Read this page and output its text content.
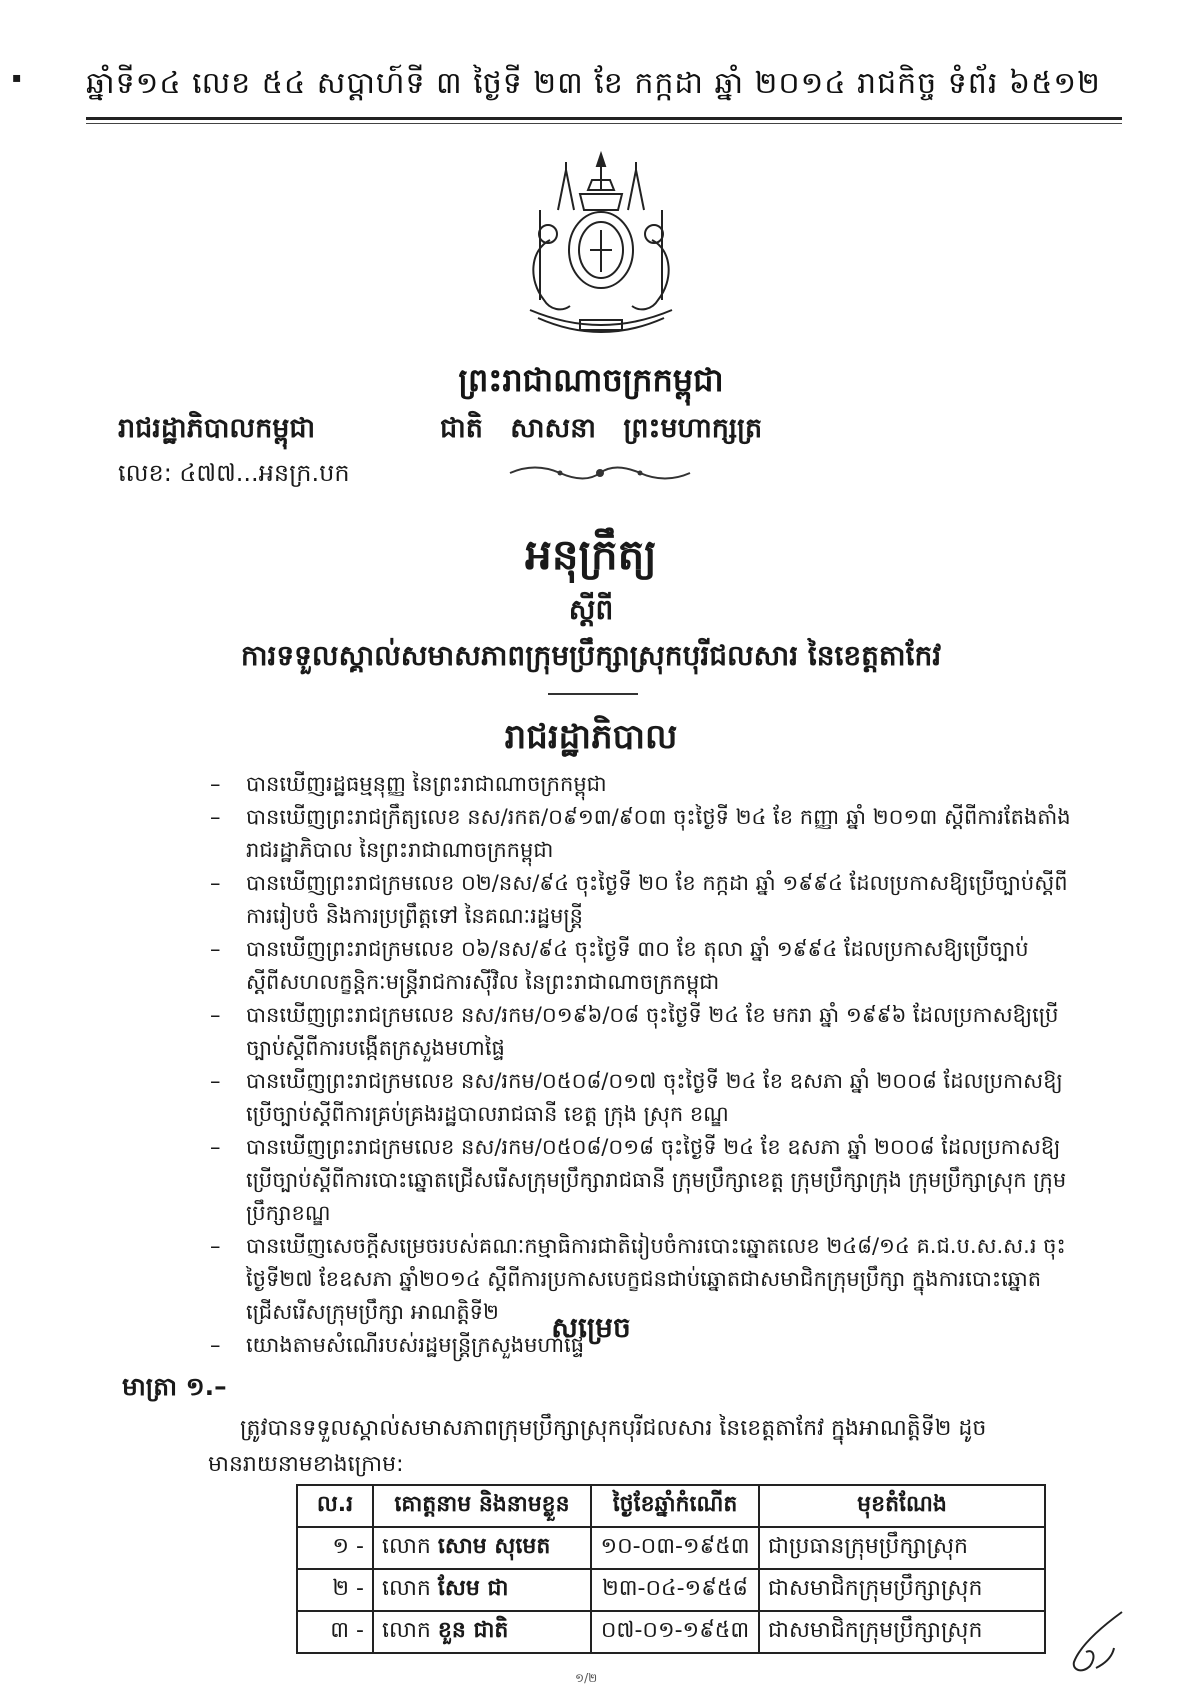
▪ ឆ្នាំទី១៤ លេខ ៥៤ សប្តាហ៍ទី ៣ ថ្ងៃទី ២៣ ខែ កក្កដា ឆ្នាំ ២០១៤ រាជកិច្ច ទំព័រ ៦៥១២
ព្រះរាជាណាចក្រកម្ពុជា
រាជរដ្ឋាភិបាលកម្ពុជា	ជាតិ សាសនា ព្រះមហាក្សត្រ
លេខ: ៤៧៧...អនក្រ.បក
អនុក្រឹត្យ
ស្តីពី
ការទទួលស្គាល់សមាសភាពក្រុមប្រឹក្សាស្រុកបុរីជលសារ នៃខេត្តតាកែវ
រាជរដ្ឋាភិបាល
– បានឃើញរដ្ឋធម្មនុញ្ញ នៃព្រះរាជាណាចក្រកម្ពុជា
– បានឃើញព្រះរាជក្រឹត្យលេខ នស/រកត/០៩១៣/៩០៣ ចុះថ្ងៃទី ២៤ ខែ កញ្ញា ឆ្នាំ ២០១៣ ស្តីពីការតែងតាំងរាជរដ្ឋាភិបាល នៃព្រះរាជាណាចក្រកម្ពុជា
– បានឃើញព្រះរាជក្រមលេខ ០២/នស/៩៤ ចុះថ្ងៃទី ២០ ខែ កក្កដា ឆ្នាំ ១៩៩៤ ដែលប្រកាសឱ្យប្រើច្បាប់ស្តីពីការរៀបចំ និងការប្រព្រឹត្តទៅ នៃគណៈរដ្ឋមន្ត្រី
– បានឃើញព្រះរាជក្រមលេខ ០៦/នស/៩៤ ចុះថ្ងៃទី ៣០ ខែ តុលា ឆ្នាំ ១៩៩៤ ដែលប្រកាសឱ្យប្រើច្បាប់ស្តីពីសហលក្ខន្តិកៈមន្ត្រីរាជការស៊ីវិល នៃព្រះរាជាណាចក្រកម្ពុជា
– បានឃើញព្រះរាជក្រមលេខ នស/រកម/០១៩៦/០៨ ចុះថ្ងៃទី ២៤ ខែ មករា ឆ្នាំ ១៩៩៦ ដែលប្រកាសឱ្យប្រើច្បាប់ស្តីពីការបង្កើតក្រសួងមហាផ្ទៃ
– បានឃើញព្រះរាជក្រមលេខ នស/រកម/០៥០៨/០១៧ ចុះថ្ងៃទី ២៤ ខែ ឧសភា ឆ្នាំ ២០០៨ ដែលប្រកាសឱ្យប្រើច្បាប់ស្តីពីការគ្រប់គ្រងរដ្ឋបាលរាជធានី ខេត្ត ក្រុង ស្រុក ខណ្ឌ
– បានឃើញព្រះរាជក្រមលេខ នស/រកម/០៥០៨/០១៨ ចុះថ្ងៃទី ២៤ ខែ ឧសភា ឆ្នាំ ២០០៨ ដែលប្រកាសឱ្យប្រើច្បាប់ស្តីពីការបោះឆ្នោតជ្រើសរើសក្រុមប្រឹក្សារាជធានី ក្រុមប្រឹក្សាខេត្ត ក្រុមប្រឹក្សាក្រុង ក្រុមប្រឹក្សាស្រុក ក្រុមប្រឹក្សាខណ្ឌ
– បានឃើញសេចក្តីសម្រេចរបស់គណៈកម្មាធិការជាតិរៀបចំការបោះឆ្នោតលេខ ២៤៨/១៤ គ.ជ.ប.ស.ស.រ ចុះថ្ងៃទី២៧ ខែឧសភា ឆ្នាំ២០១៤ ស្តីពីការប្រកាសបេក្ខជនជាប់ឆ្នោតជាសមាជិកក្រុមប្រឹក្សា ក្នុងការបោះឆ្នោតជ្រើសរើសក្រុមប្រឹក្សា អាណត្តិទី២
– យោងតាមសំណើរបស់រដ្ឋមន្ត្រីក្រសួងមហាផ្ទៃ
សម្រេច
មាត្រា ១.–
ត្រូវបានទទួលស្គាល់សមាសភាពក្រុមប្រឹក្សាស្រុកបុរីជលសារ នៃខេត្តតាកែវ ក្នុងអាណត្តិទី២ ដូច
មានរាយនាមខាងក្រោម:
ល.រ	គោត្តនាម និងនាមខ្លួន	ថ្ងៃខែឆ្នាំកំណើត	មុខតំណែង
១ -	លោក សោម សុមេត	១០-០៣-១៩៥៣	ជាប្រធានក្រុមប្រឹក្សាស្រុក
២ -	លោក សែម ជា	២៣-០៤-១៩៥៨	ជាសមាជិកក្រុមប្រឹក្សាស្រុក
៣ -	លោក ខួន ជាតិ	០៧-០១-១៩៥៣	ជាសមាជិកក្រុមប្រឹក្សាស្រុក
១/២
